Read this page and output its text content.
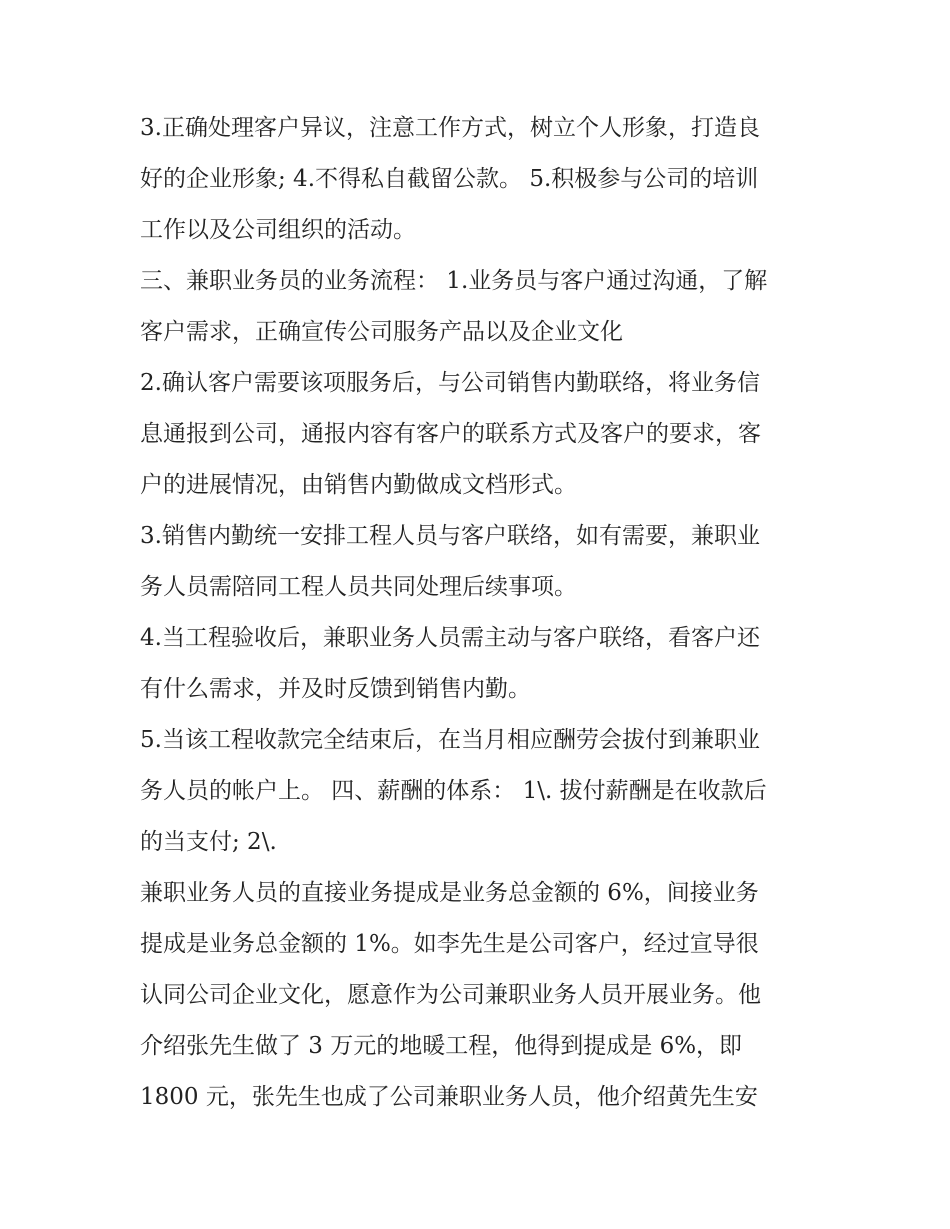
3.正确处理客户异议，注意工作方式，树立个人形象，打造良
好的企业形象; 4.不得私自截留公款。 5.积极参与公司的培训
工作以及公司组织的活动。
三、兼职业务员的业务流程： 1.业务员与客户通过沟通，了解
客户需求，正确宣传公司服务产品以及企业文化
2.确认客户需要该项服务后，与公司销售内勤联络，将业务信
息通报到公司，通报内容有客户的联系方式及客户的要求，客
户的进展情况，由销售内勤做成文档形式。
3.销售内勤统一安排工程人员与客户联络，如有需要，兼职业
务人员需陪同工程人员共同处理后续事项。
4.当工程验收后，兼职业务人员需主动与客户联络，看客户还
有什么需求，并及时反馈到销售内勤。
5.当该工程收款完全结束后，在当月相应酬劳会拔付到兼职业
务人员的帐户上。 四、薪酬的体系： 1\. 拔付薪酬是在收款后
的当支付; 2\.
兼职业务人员的直接业务提成是业务总金额的 6%，间接业务
提成是业务总金额的 1%。如李先生是公司客户，经过宣导很
认同公司企业文化，愿意作为公司兼职业务人员开展业务。他
介绍张先生做了 3 万元的地暖工程，他得到提成是 6%，即
1800 元，张先生也成了公司兼职业务人员，他介绍黄先生安
